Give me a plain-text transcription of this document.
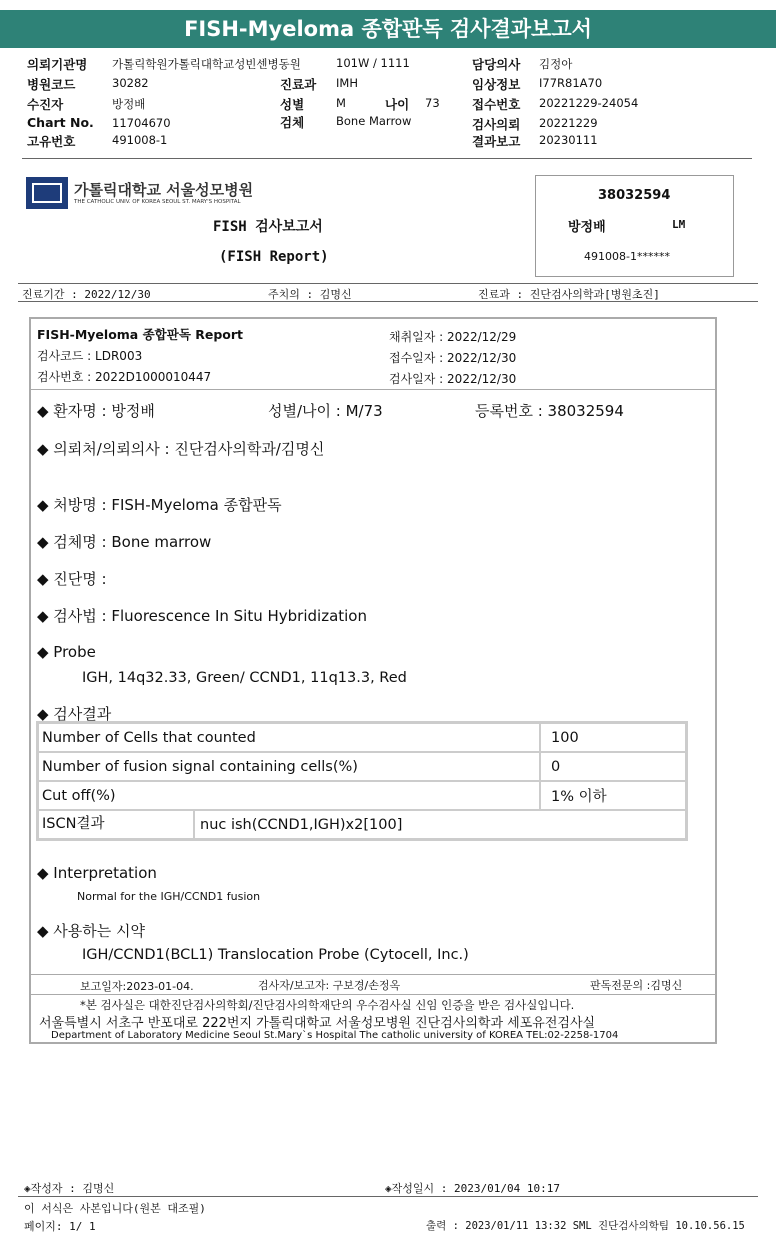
FISH-Myeloma 종합판독 검사결과보고서
의뢰기관명 가톨릭학원가톨릭대학교성빈센병동원	101W / 1111	담당의사 김정아
병원코드	30282	진료과 IMH	임상정보 I77R81A70
수진자	방정배	성별	M	나이 73	접수번호 20221229-24054
Chart No. 11704670	검체	Bone Marrow	검사의뢰 20221229
고유번호	491008-1	결과보고 20230111
가톨릭대학교 서울성모병원
THE CATHOLIC UNIV. OF KOREA SEOUL ST. MARY'S HOSPITAL
FISH 검사보고서
(FISH Report)
38032594
방정배	LM
491008-1******
진료기간 : 2022/12/30	주치의 : 김명신	진료과 : 진단검사의학과[병원초진]
FISH-Myeloma 종합판독 Report
검사코드 : LDR003
검사번호 : 2022D1000010447
채취일자 : 2022/12/29
접수일자 : 2022/12/30
검사일자 : 2022/12/30
◆ 환자명 : 방정배	성별/나이 : M/73	등록번호 : 38032594
◆ 의뢰처/의뢰의사 : 진단검사의학과/김명신
◆ 처방명 : FISH-Myeloma 종합판독
◆ 검체명 : Bone marrow
◆ 진단명 :
◆ 검사법 : Fluorescence In Situ Hybridization
◆ Probe
IGH, 14q32.33, Green/ CCND1, 11q13.3, Red
◆ 검사결과
Number of Cells that counted	100
Number of fusion signal containing cells(%)	0
Cut off(%)	1% 이하

ISCN결과 nuc ish(CCND1,IGH)x2[100]	
◆ Interpretation
Normal for the IGH/CCND1 fusion
◆ 사용하는 시약
IGH/CCND1(BCL1) Translocation Probe (Cytocell, Inc.)
보고일자:2023-01-04.	검사자/보고자: 구보경/손정옥	판독전문의 :김명신
*본 검사실은 대한진단검사의학회/진단검사의학재단의 우수검사실 신임 인증을 받은 검사실입니다.
서울특별시 서초구 반포대로 222번지 가톨릭대학교 서울성모병원 진단검사의학과 세포유전검사실
Department of Laboratory Medicine Seoul St.Mary`s Hospital The catholic university of KOREA TEL:02-2258-1704
◈작성자 : 김명신	◈작성일시 : 2023/01/04 10:17
이 서식은 사본입니다(원본 대조필)
페이지: 1/ 1	출력 : 2023/01/11 13:32 SML 진단검사의학팀 10.10.56.15
